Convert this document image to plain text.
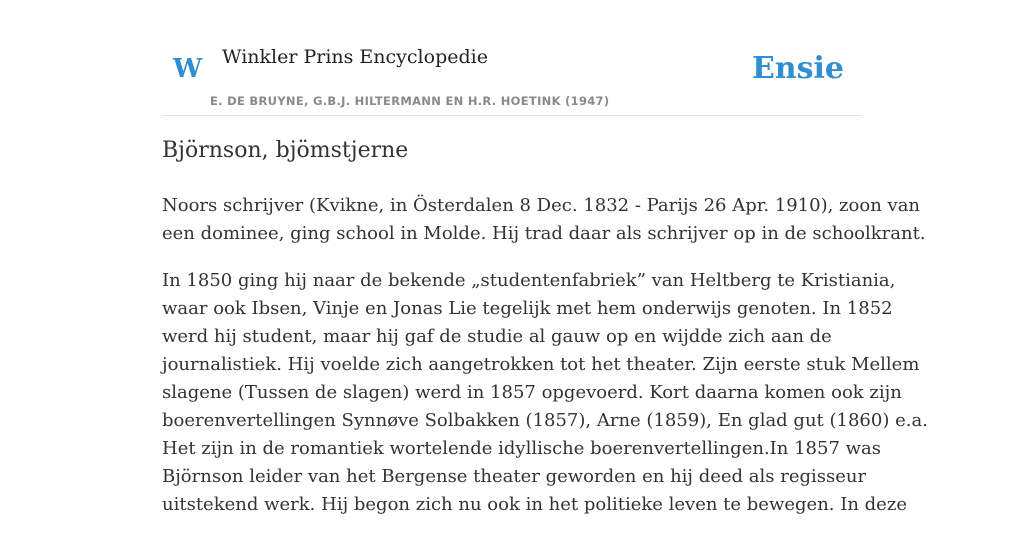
W Winkler Prins Encyclopedie
E. DE BRUYNE, G.B.J. HILTERMANN EN H.R. HOETINK (1947)
Ensie
Björnson, bjömstjerne

Noors schrijver (Kvikne, in Österdalen 8 Dec. 1832 - Parijs 26 Apr. 1910), zoon van
een dominee, ging school in Molde. Hij trad daar als schrijver op in de schoolkrant.

In 1850 ging hij naar de bekende „studentenfabriek” van Heltberg te Kristiania,
waar ook Ibsen, Vinje en Jonas Lie tegelijk met hem onderwijs genoten. In 1852
werd hij student, maar hij gaf de studie al gauw op en wijdde zich aan de
journalistiek. Hij voelde zich aangetrokken tot het theater. Zijn eerste stuk Mellem
slagene (Tussen de slagen) werd in 1857 opgevoerd. Kort daarna komen ook zijn
boerenvertellingen Synnøve Solbakken (1857), Arne (1859), En glad gut (1860) e.a.
Het zijn in de romantiek wortelende idyllische boerenvertellingen.In 1857 was
Björnson leider van het Bergense theater geworden en hij deed als regisseur
uitstekend werk. Hij begon zich nu ook in het politieke leven te bewegen. In deze
